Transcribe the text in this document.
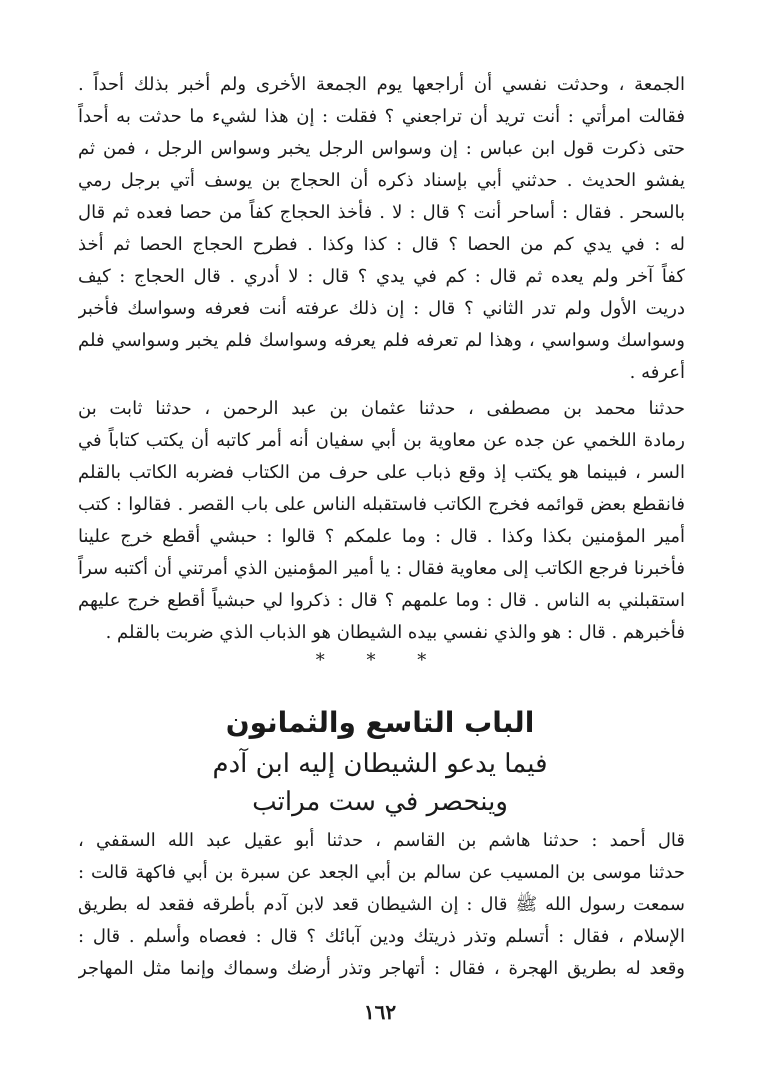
الجمعة ، وحدثت نفسي أن أراجعها يوم الجمعة الأخرى ولم أخبر بذلك أحداً .
فقالت امرأتي : أنت تريد أن تراجعني ؟ فقلت : إن هذا لشيء ما حدثت به أحداً
حتى ذكرت قول ابن عباس : إن وسواس الرجل يخبر وسواس الرجل ، فمن ثم
يفشو الحديث . حدثني أبي بإسناد ذكره أن الحجاج بن يوسف أتي برجل رمي
بالسحر . فقال : أساحر أنت ؟ قال : لا . فأخذ الحجاج كفاً من حصا فعده ثم قال
له : في يدي كم من الحصا ؟ قال : كذا وكذا . فطرح الحجاج الحصا ثم أخذ
كفاً آخر ولم يعده ثم قال : كم في يدي ؟ قال : لا أدري . قال الحجاج : كيف
دريت الأول ولم تدر الثاني ؟ قال : إن ذلك عرفته أنت فعرفه وسواسك فأخبر
وسواسك وسواسي ، وهذا لم تعرفه فلم يعرفه وسواسك فلم يخبر وسواسي فلم
أعرفه .
حدثنا محمد بن مصطفى ، حدثنا عثمان بن عبد الرحمن ، حدثنا ثابت بن
رمادة اللخمي عن جده عن معاوية بن أبي سفيان أنه أمر كاتبه أن يكتب كتاباً في
السر ، فبينما هو يكتب إذ وقع ذباب على حرف من الكتاب فضربه الكاتب بالقلم
فانقطع بعض قوائمه فخرج الكاتب فاستقبله الناس على باب القصر . فقالوا : كتب
أمير المؤمنين بكذا وكذا . قال : وما علمكم ؟ قالوا : حبشي أقطع خرج علينا
فأخبرنا فرجع الكاتب إلى معاوية فقال : يا أمير المؤمنين الذي أمرتني أن أكتبه سراً
استقبلني به الناس . قال : وما علمهم ؟ قال : ذكروا لي حبشياً أقطع خرج عليهم
فأخبرهم . قال : هو والذي نفسي بيده الشيطان هو الذباب الذي ضربت بالقلم .
* * *
الباب التاسع والثمانون
فيما يدعو الشيطان إليه ابن آدم
وينحصر في ست مراتب
قال أحمد : حدثنا هاشم بن القاسم ، حدثنا أبو عقيل عبد الله السقفي ،
حدثنا موسى بن المسيب عن سالم بن أبي الجعد عن سبرة بن أبي فاكهة قالت :
سمعت رسول الله ﷺ قال : إن الشيطان قعد لابن آدم بأطرقه فقعد له بطريق
الإسلام ، فقال : أتسلم وتذر ذريتك ودين آبائك ؟ قال : فعصاه وأسلم . قال :
وقعد له بطريق الهجرة ، فقال : أتهاجر وتذر أرضك وسماك وإنما مثل المهاجر
١٦٢
